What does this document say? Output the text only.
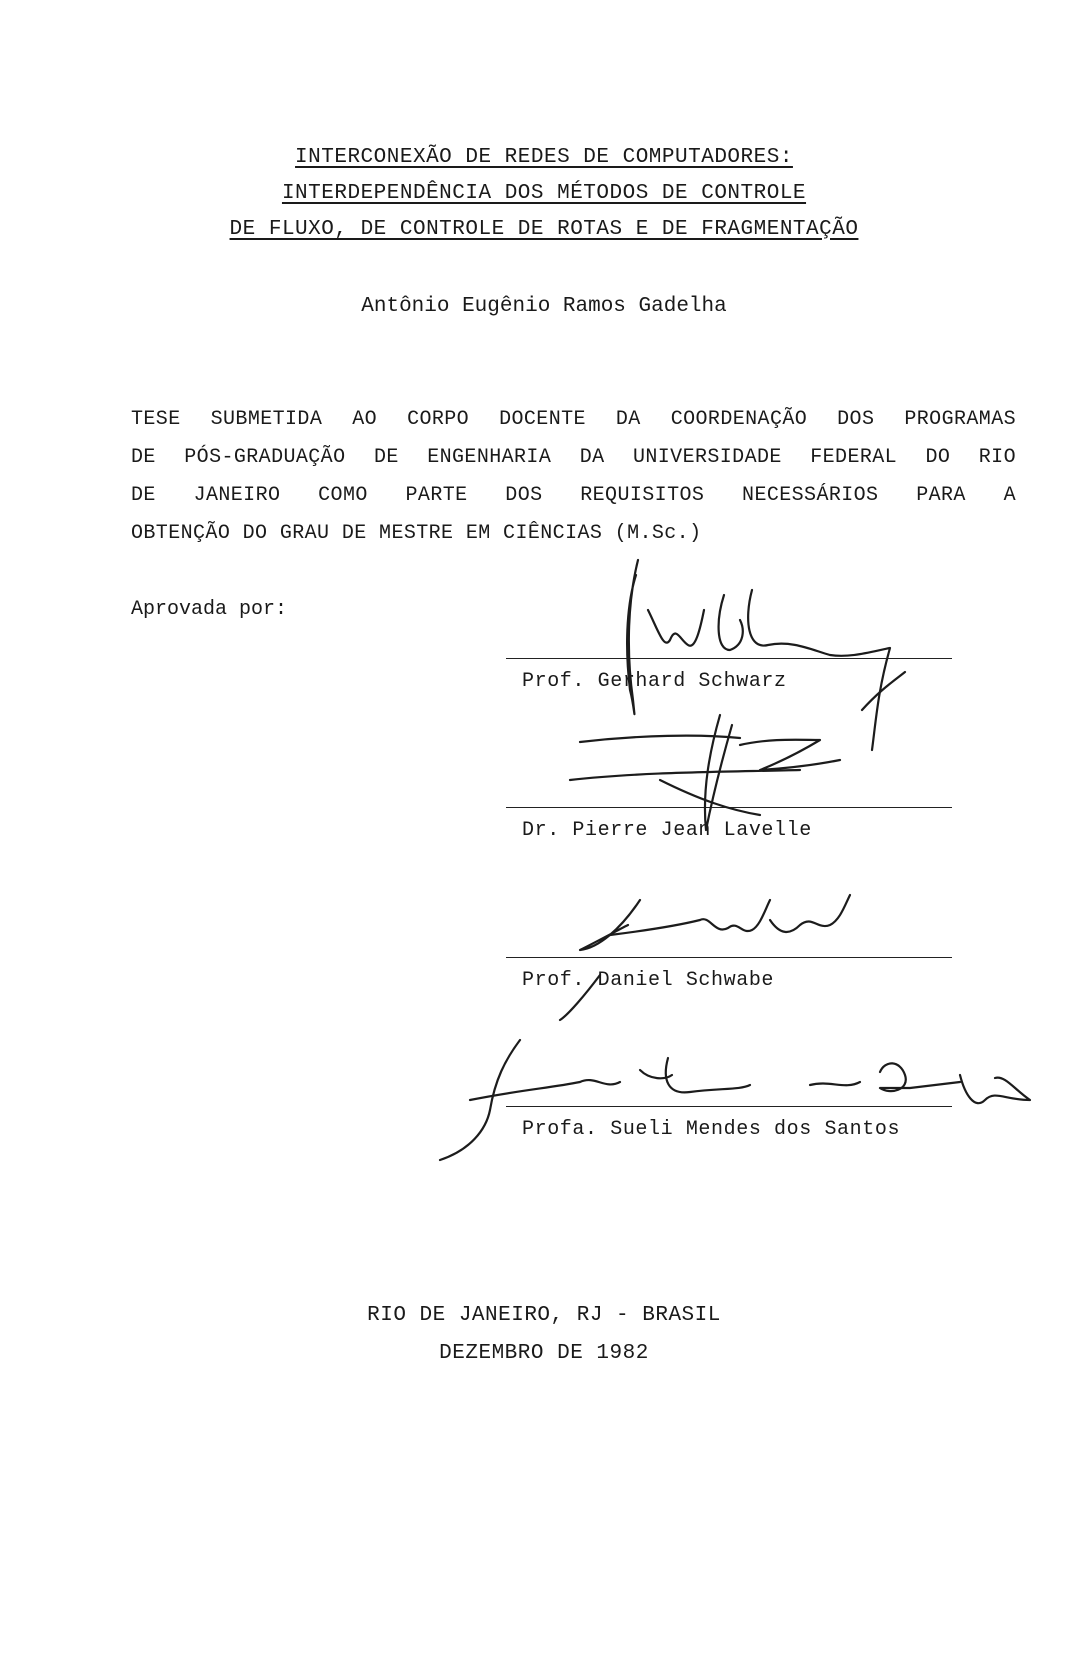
INTERCONEXÃO DE REDES DE COMPUTADORES:
INTERDEPENDÊNCIA DOS MÉTODOS DE CONTROLE
DE FLUXO, DE CONTROLE DE ROTAS E DE FRAGMENTAÇÃO
Antônio Eugênio Ramos Gadelha
TESE SUBMETIDA AO CORPO DOCENTE DA COORDENAÇÃO DOS PROGRAMAS
DE PÓS-GRADUAÇÃO DE ENGENHARIA DA UNIVERSIDADE FEDERAL DO RIO
DE JANEIRO COMO PARTE DOS REQUISITOS NECESSÁRIOS PARA A
OBTENÇÃO DO GRAU DE MESTRE EM CIÊNCIAS (M.Sc.)
Aprovada por:
Prof. Gerhard Schwarz
Dr. Pierre Jean Lavelle
Prof. Daniel Schwabe
Profa. Sueli Mendes dos Santos
RIO DE JANEIRO, RJ - BRASIL
DEZEMBRO DE 1982
